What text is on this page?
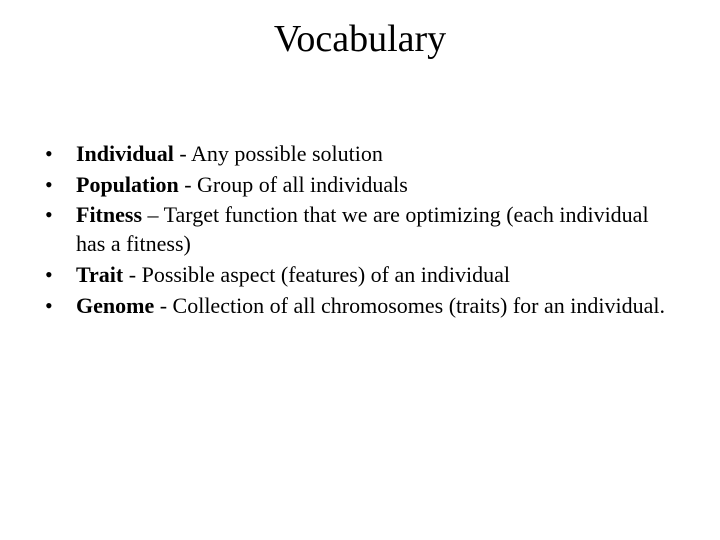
Vocabulary
• Individual - Any possible solution
• Population - Group of all individuals
• Fitness – Target function that we are optimizing (each individual has a fitness)
• Trait - Possible aspect (features) of an individual
• Genome - Collection of all chromosomes (traits) for an individual.
